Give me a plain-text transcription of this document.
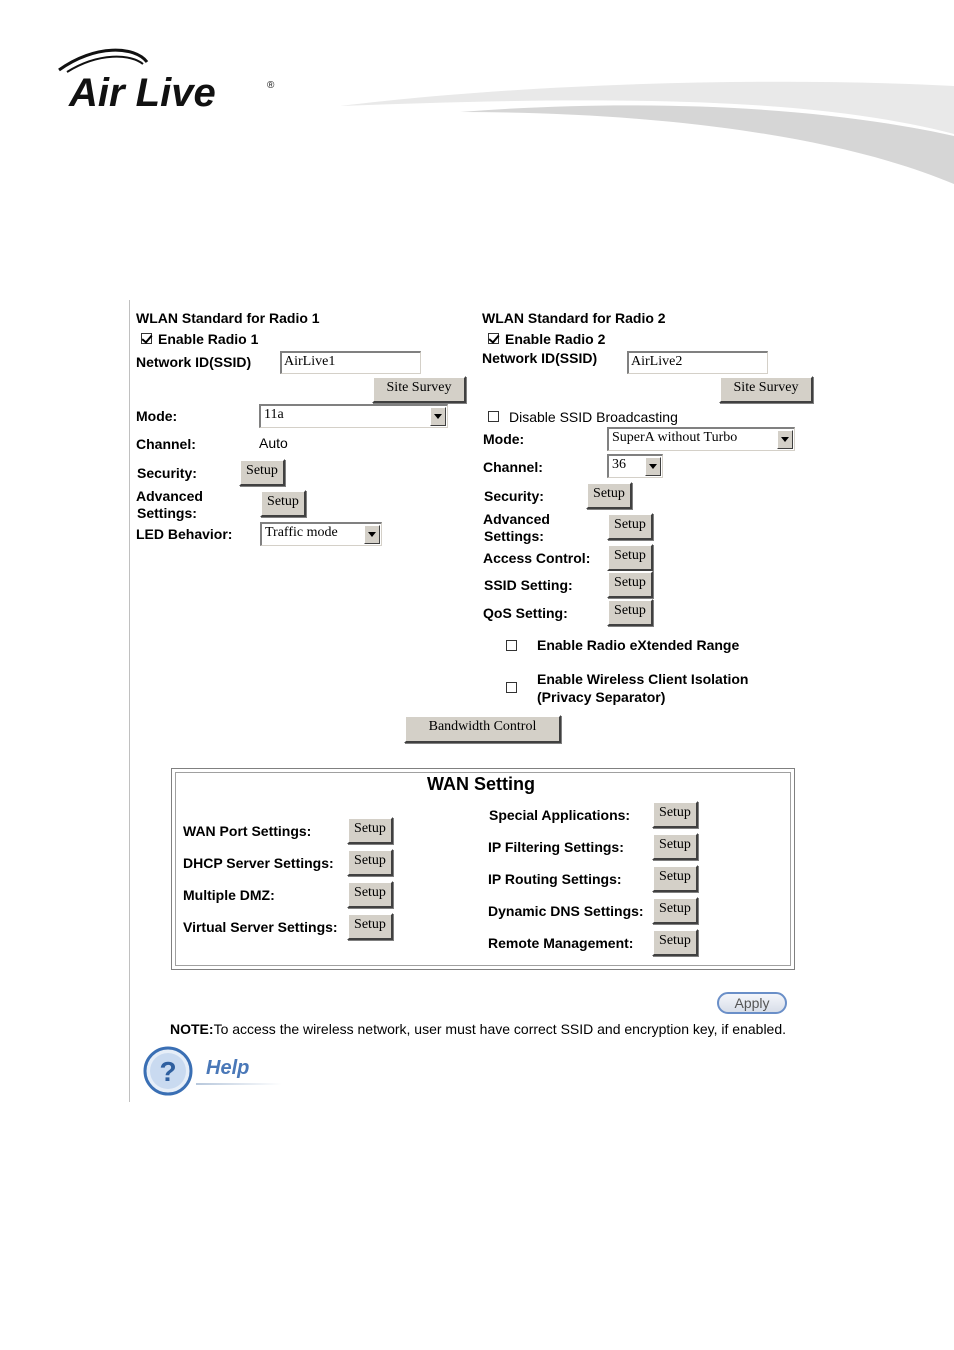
Air Live	®
WLAN Standard for Radio 1
Enable Radio 1
Network ID(SSID) AirLive1
Site Survey
Mode:	11a
Channel:	Auto
Security:	Setup
Advanced
Settings:
Setup
LED Behavior:	Traffic mode
WLAN Standard for Radio 2
Enable Radio 2
Network ID(SSID) AirLive2
Site Survey
Disable SSID Broadcasting
Mode:	SuperA without Turbo
Channel:	36
Security:	Setup
Advanced
Settings:
Setup
Access Control:	Setup
SSID Setting:	Setup
QoS Setting:	Setup
Enable Radio eXtended Range
Enable Wireless Client Isolation
(Privacy Separator)
Bandwidth Control
WAN Setting
WAN Port Settings:	Setup
DHCP Server Settings:	Setup
Multiple DMZ:	Setup
Virtual Server Settings:	Setup
Special Applications:	Setup
IP Filtering Settings:	Setup
IP Routing Settings:	Setup
Dynamic DNS Settings:	Setup
Remote Management:	Setup
Apply
NOTE:To access the wireless network, user must have correct SSID and encryption key, if enabled.
? Help
